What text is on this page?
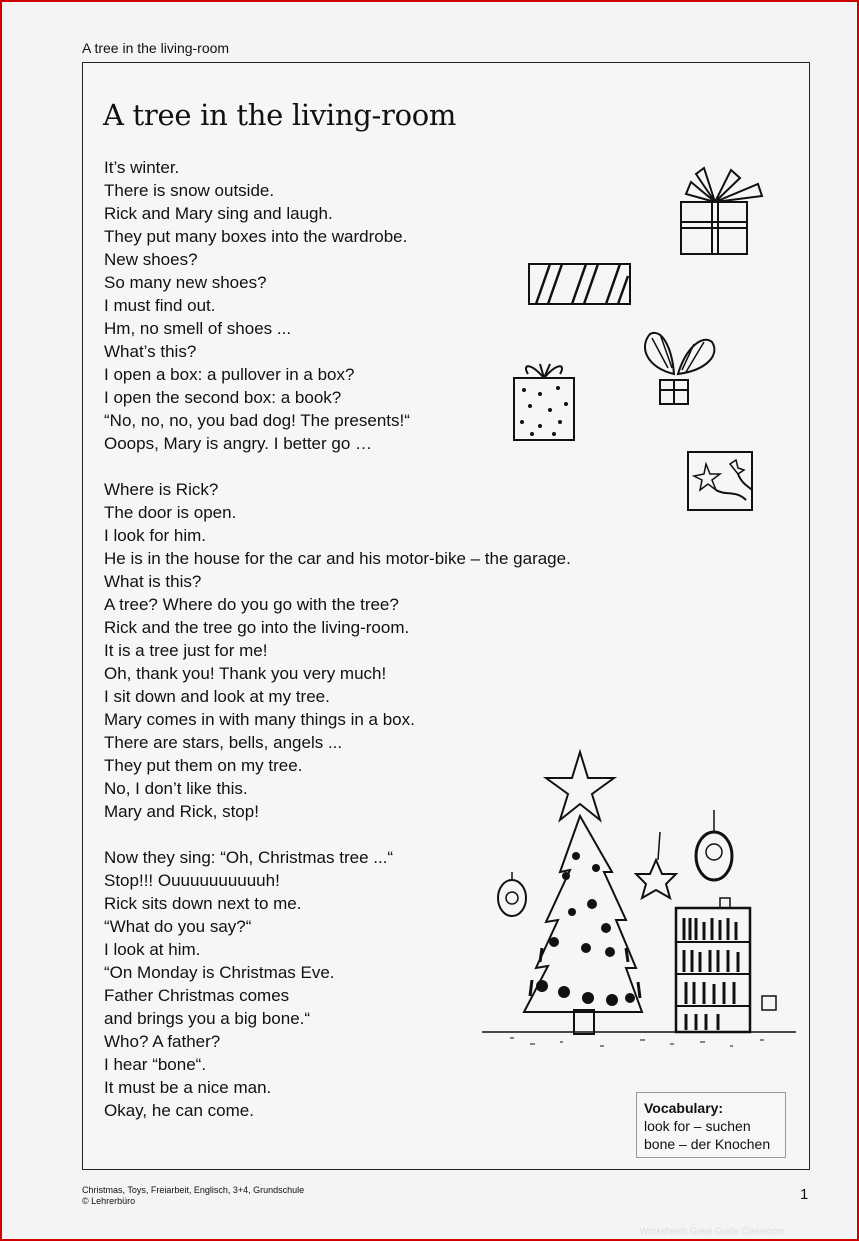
A tree in the living-room
A tree in the living-room
It’s winter.
There is snow outside.
Rick and Mary sing and laugh.
They put many boxes into the wardrobe.
New shoes?
So many new shoes?
I must find out.
Hm, no smell of shoes ...
What’s this?
I open a box: a pullover in a box?
I open the second box: a book?
“No, no, no, you bad dog! The presents!“
Ooops, Mary is angry. I better go …
Where is Rick?
The door is open.
I look for him.
He is in the house for the car and his motor-bike – the garage.
What is this?
A tree? Where do you go with the tree?
Rick and the tree go into the living-room.
It is a tree just for me!
Oh, thank you! Thank you very much!
I sit down and look at my tree.
Mary comes in with many things in a box.
There are stars, bells, angels ...
They put them on my tree.
No, I don’t like this.
Mary and Rick, stop!
Now they sing: “Oh, Christmas tree ...“
Stop!!! Ouuuuuuuuuuh!
Rick sits down next to me.
“What do you say?“
I look at him.
“On Monday is Christmas Eve.
Father Christmas comes
and brings you a big bone.“
Who? A father?
I hear “bone“.
It must be a nice man.
Okay, he can come.	Vocabulary:
look for – suchen
bone – der Knochen
Christmas, Toys, Freiarbeit, Englisch, 3+4, Grundschule
© Lehrerbüro	1
Worksheets Great Guide Classroom
